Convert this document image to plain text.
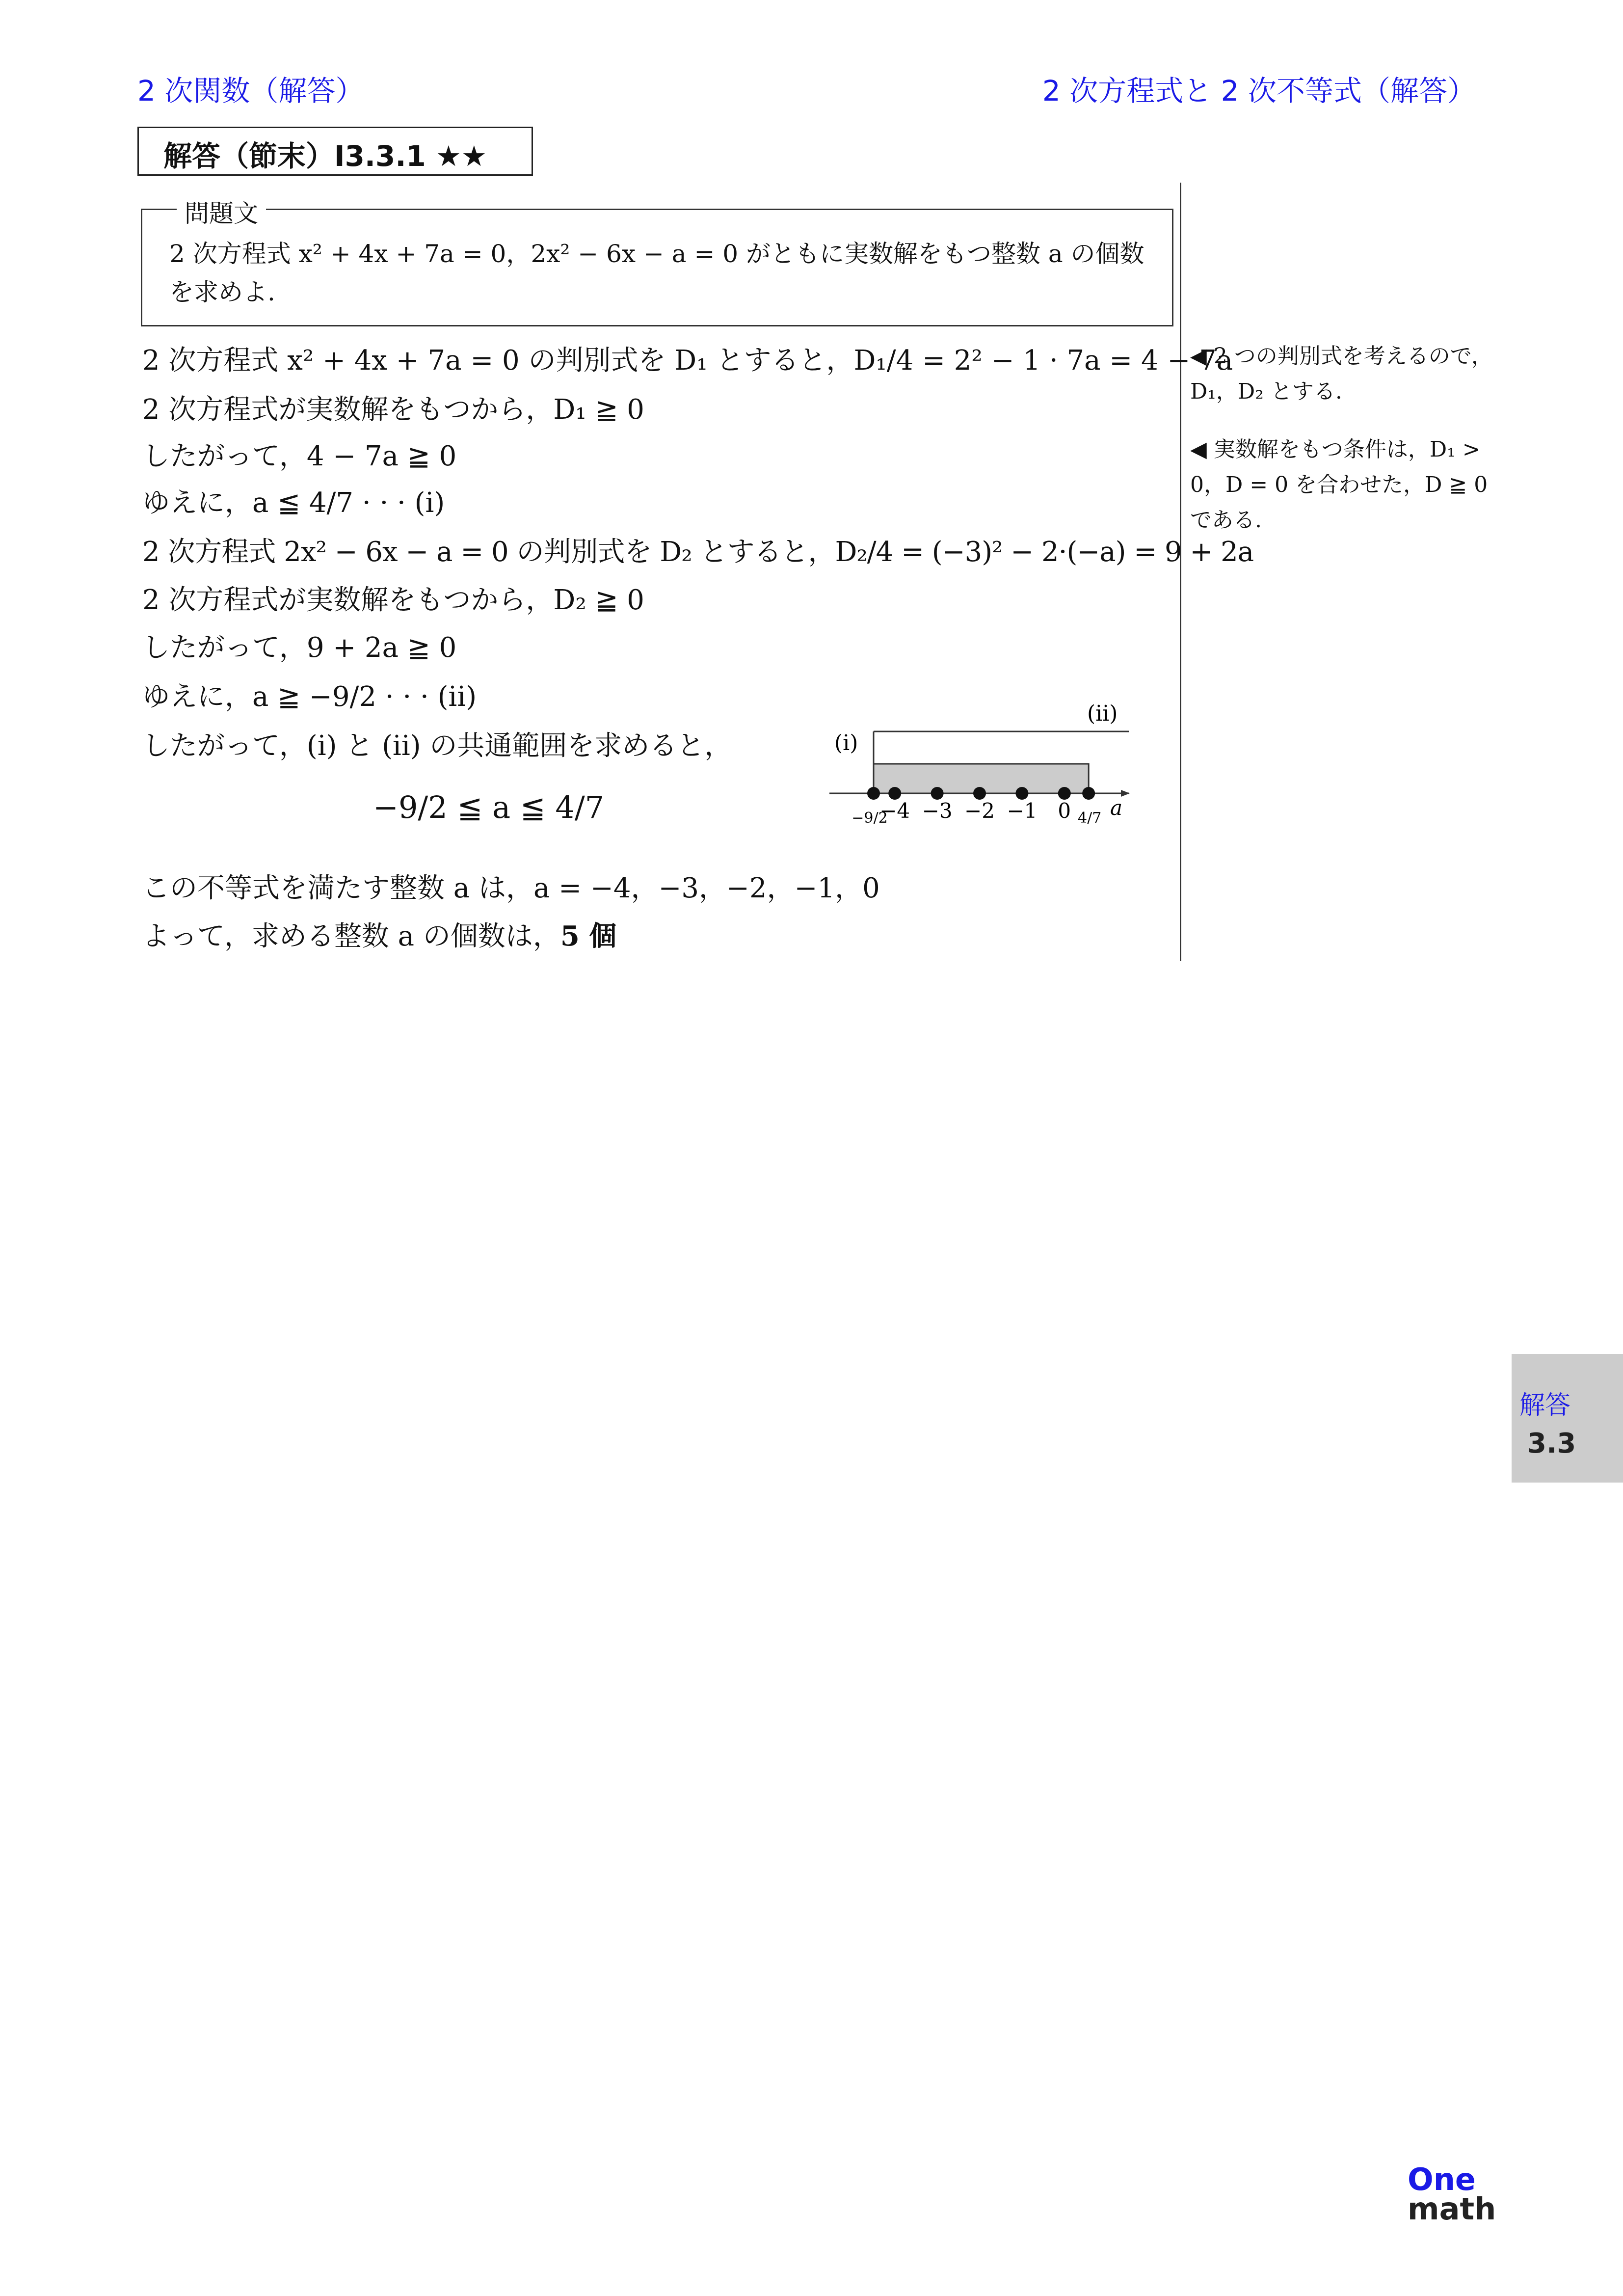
2 次関数（解答）	2 次方程式と 2 次不等式（解答）
解答（節末）I3.3.1 ★★
問題文
2 次方程式 x² + 4x + 7a = 0，2x² − 6x − a = 0 がともに実数解をもつ整数 a の個数を求めよ.
2 次方程式 x² + 4x + 7a = 0 の判別式を D₁ とすると，D₁/4 = 2² − 1 · 7a = 4 − 7a
2 次方程式が実数解をもつから，D₁ ≧ 0
したがって，4 − 7a ≧ 0
ゆえに，a ≦ 4/7 · · · (i)
2 次方程式 2x² − 6x − a = 0 の判別式を D₂ とすると，D₂/4 = (−3)² − 2·(−a) = 9 + 2a
2 次方程式が実数解をもつから，D₂ ≧ 0
したがって，9 + 2a ≧ 0
ゆえに，a ≧ −9/2 · · · (ii)
したがって，(i) と (ii) の共通範囲を求めると，
−9/2 ≦ a ≦ 4/7
この不等式を満たす整数 a は，a = −4，−3，−2，−1，0
よって，求める整数 a の個数は，5 個
◀ 2 つの判別式を考えるので，D₁，D₂ とする.
◀ 実数解をもつ条件は，D₁ > 0，D = 0 を合わせた，D ≧ 0 である.
(i)
(ii)
a
−4 −3 −2 −1 0
−9/2	4/7
解答
3.3
One
math
